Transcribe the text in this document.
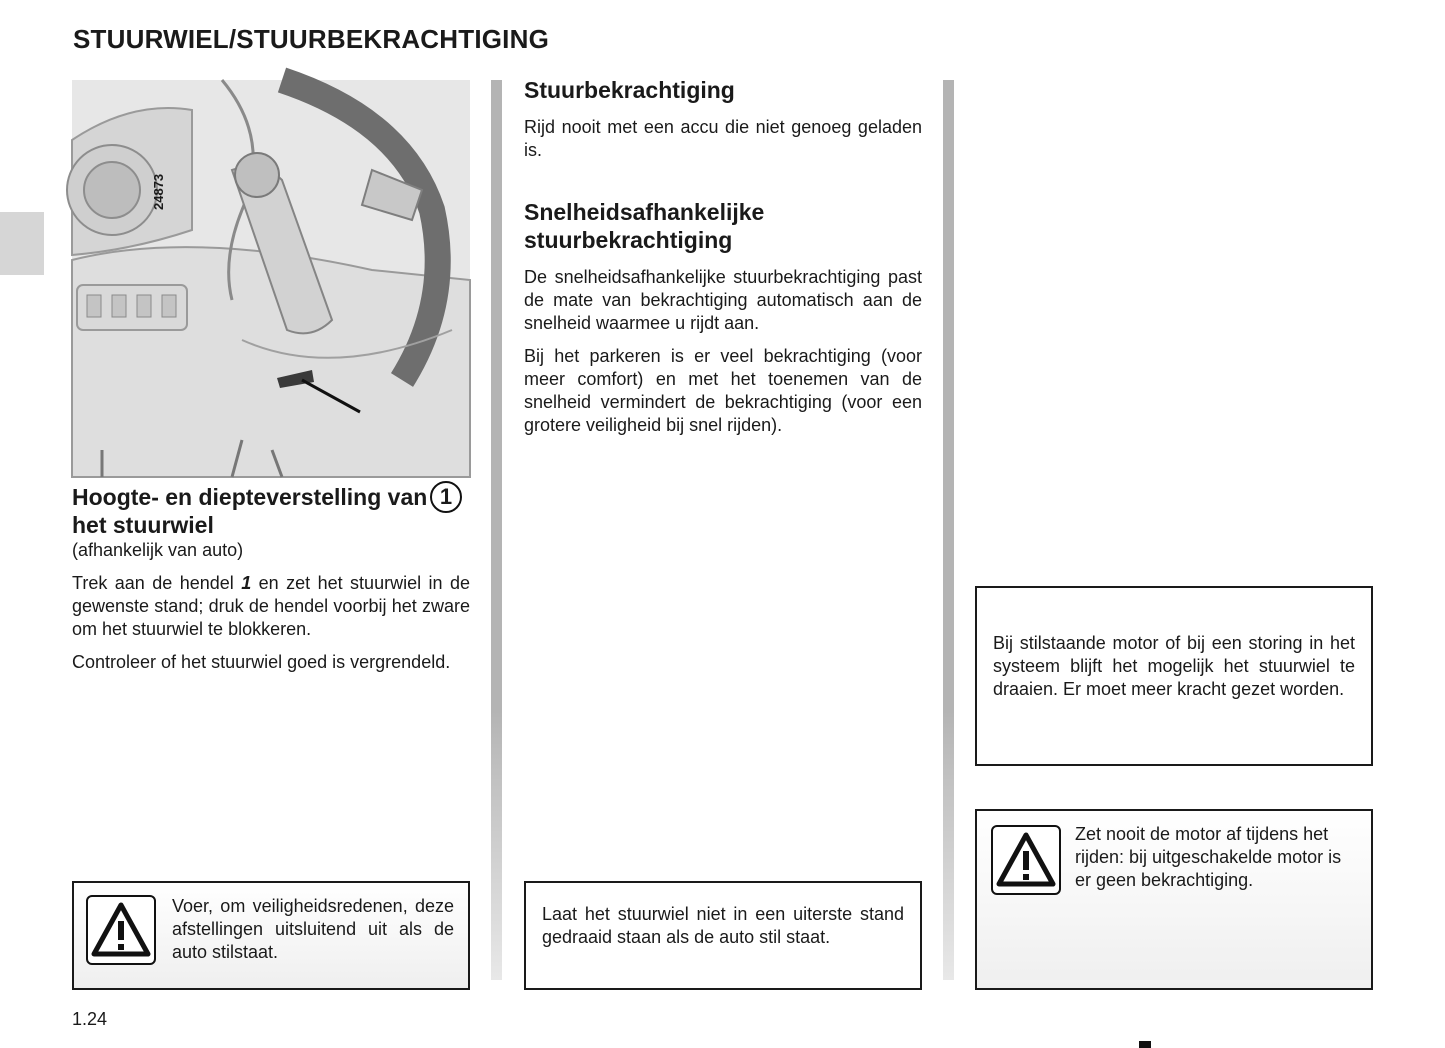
STUURWIEL/STUURBEKRACHTIGING
24873
1
Hoogte- en diepteverstelling van
het stuurwiel

(afhankelijk van auto)

Trek aan de hendel 1 en zet het stuurwiel in de gewenste stand; druk de hendel voorbij het zware om het stuurwiel te blokkeren.

Controleer of het stuurwiel goed is vergrendeld.

Voer, om veiligheidsredenen, deze afstellingen uitsluitend uit als de auto stilstaat.
Stuurbekrachtiging

Rijd nooit met een accu die niet genoeg geladen is.

Snelheidsafhankelijke
stuurbekrachtiging

De snelheidsafhankelijke stuurbekrachtiging past de mate van bekrachtiging automatisch aan de snelheid waarmee u rijdt aan.

Bij het parkeren is er veel bekrachtiging (voor meer comfort) en met het toenemen van de snelheid vermindert de bekrachtiging (voor een grotere veiligheid bij snel rijden).

Laat het stuurwiel niet in een uiterste stand gedraaid staan als de auto stil staat.
Bij stilstaande motor of bij een storing in het systeem blijft het mogelijk het stuurwiel te draaien. Er moet meer kracht gezet worden.
Zet nooit de motor af tijdens het rijden: bij uitgeschakelde motor is er geen bekrachtiging.
1.24
